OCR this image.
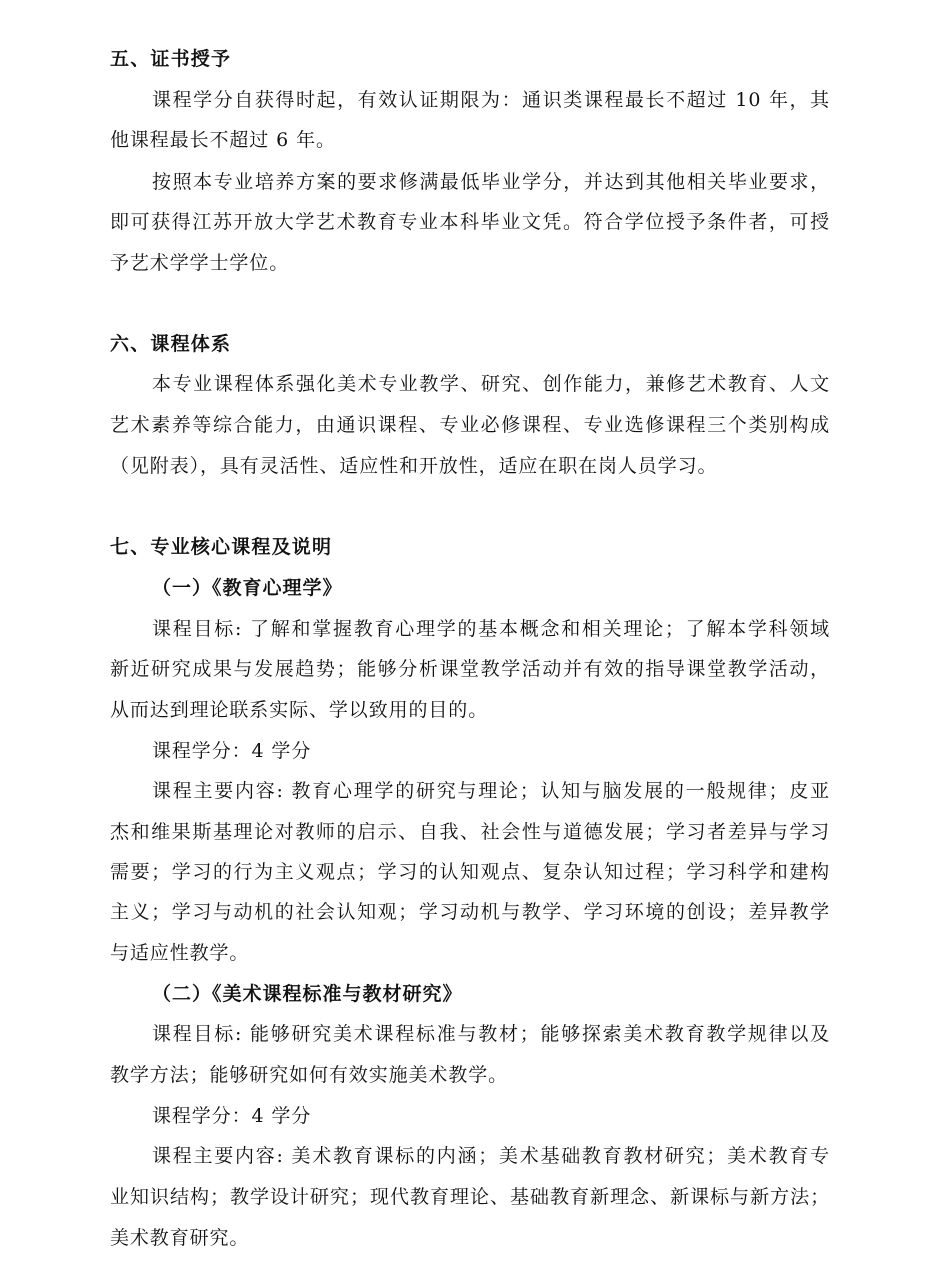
五、证书授予
课程学分自获得时起，有效认证期限为：通识类课程最长不超过 10 年，其
他课程最长不超过 6 年。
按照本专业培养方案的要求修满最低毕业学分，并达到其他相关毕业要求，
即可获得江苏开放大学艺术教育专业本科毕业文凭。符合学位授予条件者，可授
予艺术学学士学位。
六、课程体系
本专业课程体系强化美术专业教学、研究、创作能力，兼修艺术教育、人文
艺术素养等综合能力，由通识课程、专业必修课程、专业选修课程三个类别构成
（见附表），具有灵活性、适应性和开放性，适应在职在岗人员学习。
七、专业核心课程及说明
（一）《教育心理学》
课程目标: 了解和掌握教育心理学的基本概念和相关理论；了解本学科领域
新近研究成果与发展趋势；能够分析课堂教学活动并有效的指导课堂教学活动，
从而达到理论联系实际、学以致用的目的。
课程学分：4 学分
课程主要内容: 教育心理学的研究与理论；认知与脑发展的一般规律；皮亚
杰和维果斯基理论对教师的启示、自我、社会性与道德发展；学习者差异与学习
需要；学习的行为主义观点；学习的认知观点、复杂认知过程；学习科学和建构
主义；学习与动机的社会认知观；学习动机与教学、学习环境的创设；差异教学
与适应性教学。
（二）《美术课程标准与教材研究》
课程目标: 能够研究美术课程标准与教材；能够探索美术教育教学规律以及
教学方法；能够研究如何有效实施美术教学。
课程学分：4 学分
课程主要内容: 美术教育课标的内涵；美术基础教育教材研究；美术教育专
业知识结构；教学设计研究；现代教育理论、基础教育新理念、新课标与新方法；
美术教育研究。
